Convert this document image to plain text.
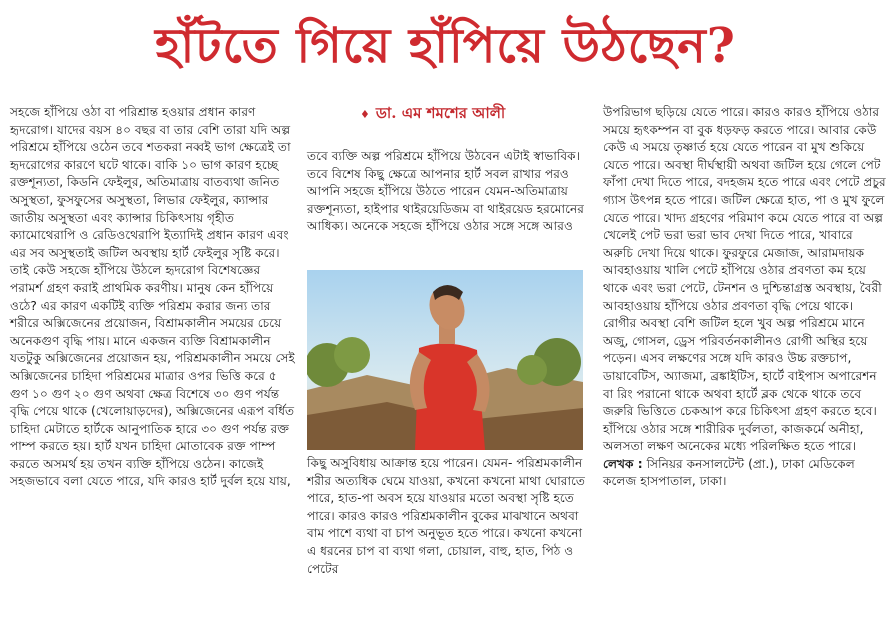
হাঁটতে গিয়ে হাঁপিয়ে উঠছেন?
♦ ডা. এম শমশের আলী

সহজে হাঁপিয়ে ওঠা বা পরিশ্রান্ত হওয়ার প্রধান কারণ হৃদরোগ। যাদের বয়স ৪০ বছর বা তার বেশি তারা যদি অল্প পরিশ্রমে হাঁপিয়ে ওঠেন তবে শতকরা নব্বই ভাগ ক্ষেত্রেই তা হৃদরোগের কারণে ঘটে থাকে। বাকি ১০ ভাগ কারণ হচ্ছে রক্তশূন্যতা, কিডনি ফেইলুর, অতিমাত্রায় বাতব্যথা জনিত অসুস্থতা, ফুসফুসের অসুস্থতা, লিভার ফেইলুর, ক্যান্সার জাতীয় অসুস্থতা এবং ক্যান্সার চিকিৎসায় গৃহীত ক্যামোথেরাপি ও রেডিওথেরাপি ইত্যাদিই প্রধান কারণ এবং এর সব অসুস্থতাই জটিল অবস্থায় হার্ট ফেইলুর সৃষ্টি করে। তাই কেউ সহজে হাঁপিয়ে উঠলে হৃদরোগ বিশেষজ্ঞের পরামর্শ গ্রহণ করাই প্রাথমিক করণীয়। মানুষ কেন হাঁপিয়ে ওঠে? এর কারণ একটিই ব্যক্তি পরিশ্রম করার জন্য তার শরীরে অক্সিজেনের প্রয়োজন, বিশ্রামকালীন সময়ের চেয়ে অনেকগুণ বৃদ্ধি পায়। মানে একজন ব্যক্তি বিশ্রামকালীন যতটুকু অক্সিজেনের প্রয়োজন হয়, পরিশ্রমকালীন সময়ে সেই অক্সিজেনের চাহিদা পরিশ্রমের মাত্রার ওপর ভিত্তি করে ৫ গুণ ১০ গুণ ২০ গুণ অথবা ক্ষেত্র বিশেষে ৩০ গুণ পর্যন্ত বৃদ্ধি পেয়ে থাকে (খেলোয়াড়দের), অক্সিজেনের এরূপ বর্ধিত চাহিদা মেটাতে হার্টকে আনুপাতিক হারে ৩০ গুণ পর্যন্ত রক্ত পাম্প করতে হয়। হার্ট যখন চাহিদা মোতাবেক রক্ত পাম্প করতে অসমর্থ হয় তখন ব্যক্তি হাঁপিয়ে ওঠেন। কাজেই সহজভাবে বলা যেতে পারে, যদি কারও হার্ট দুর্বল হয়ে যায়,

তবে ব্যক্তি অল্প পরিশ্রমে হাঁপিয়ে উঠবেন এটাই স্বাভাবিক। তবে বিশেষ কিছু ক্ষেত্রে আপনার হার্ট সবল রাখার পরও আপনি সহজে হাঁপিয়ে উঠতে পারেন যেমন-অতিমাত্রায় রক্তশূন্যতা, হাইপার থাইরয়েডিজম বা থাইরয়েড হরমোনের আধিক্য। অনেকে সহজে হাঁপিয়ে ওঠার সঙ্গে সঙ্গে আরও

কিছু অসুবিধায় আক্রান্ত হয়ে পারেন। যেমন- পরিশ্রমকালীন শরীর অত্যধিক ঘেমে যাওয়া, কখনো কখনো মাথা ঘোরাতে পারে, হাত-পা অবস হয়ে যাওয়ার মতো অবস্থা সৃষ্টি হতে পারে। কারও কারও পরিশ্রমকালীন বুকের মাঝখানে অথবা বাম পাশে ব্যথা বা চাপ অনুভূত হতে পারে। কখনো কখনো এ ধরনের চাপ বা ব্যথা গলা, চোয়াল, বাহু, হাত, পিঠ ও পেটের

উপরিভাগ ছড়িয়ে যেতে পারে। কারও কারও হাঁপিয়ে ওঠার সময়ে হৃৎকম্পন বা বুক ধড়ফড় করতে পারে। আবার কেউ কেউ এ সময়ে তৃষ্ণার্ত হয়ে যেতে পারেন বা মুখ শুকিয়ে যেতে পারে। অবস্থা দীর্ঘস্থায়ী অথবা জটিল হয়ে গেলে পেট ফাঁপা দেখা দিতে পারে, বদহজম হতে পারে এবং পেটে প্রচুর গ্যাস উৎপন্ন হতে পারে। জটিল ক্ষেত্রে হাত, পা ও মুখ ফুলে যেতে পারে। খাদ্য গ্রহণের পরিমাণ কমে যেতে পারে বা অল্প খেলেই পেট ভরা ভরা ভাব দেখা দিতে পারে, খাবারে অরুচি দেখা দিয়ে থাকে। ফুরফুরে মেজাজ, আরামদায়ক আবহাওয়ায় খালি পেটে হাঁপিয়ে ওঠার প্রবণতা কম হয়ে থাকে এবং ভরা পেটে, টেনশন ও দুশ্চিন্তাগ্রস্ত অবস্থায়, বৈরী আবহাওয়ায় হাঁপিয়ে ওঠার প্রবণতা বৃদ্ধি পেয়ে থাকে। রোগীর অবস্থা বেশি জটিল হলে খুব অল্প পরিশ্রমে মানে অজু, গোসল, ড্রেস পরিবর্তনকালীনও রোগী অস্থির হয়ে পড়েন। এসব লক্ষণের সঙ্গে যদি কারও উচ্চ রক্তচাপ, ডায়াবেটিস, অ্যাজমা, ব্রঙ্কাইটিস, হার্টে বাইপাস অপারেশন বা রিং পরানো থাকে অথবা হার্টে ব্লক থেকে থাকে তবে জরুরি ভিত্তিতে চেকআপ করে চিকিৎসা গ্রহণ করতে হবে। হাঁপিয়ে ওঠার সঙ্গে শারীরিক দুর্বলতা, কাজকর্মে অনীহা, অলসতা লক্ষণ অনেকের মধ্যে পরিলক্ষিত হতে পারে।

লেখক : সিনিয়র কনসালটেন্ট (প্রা.), ঢাকা মেডিকেল কলেজ হাসপাতাল, ঢাকা।
